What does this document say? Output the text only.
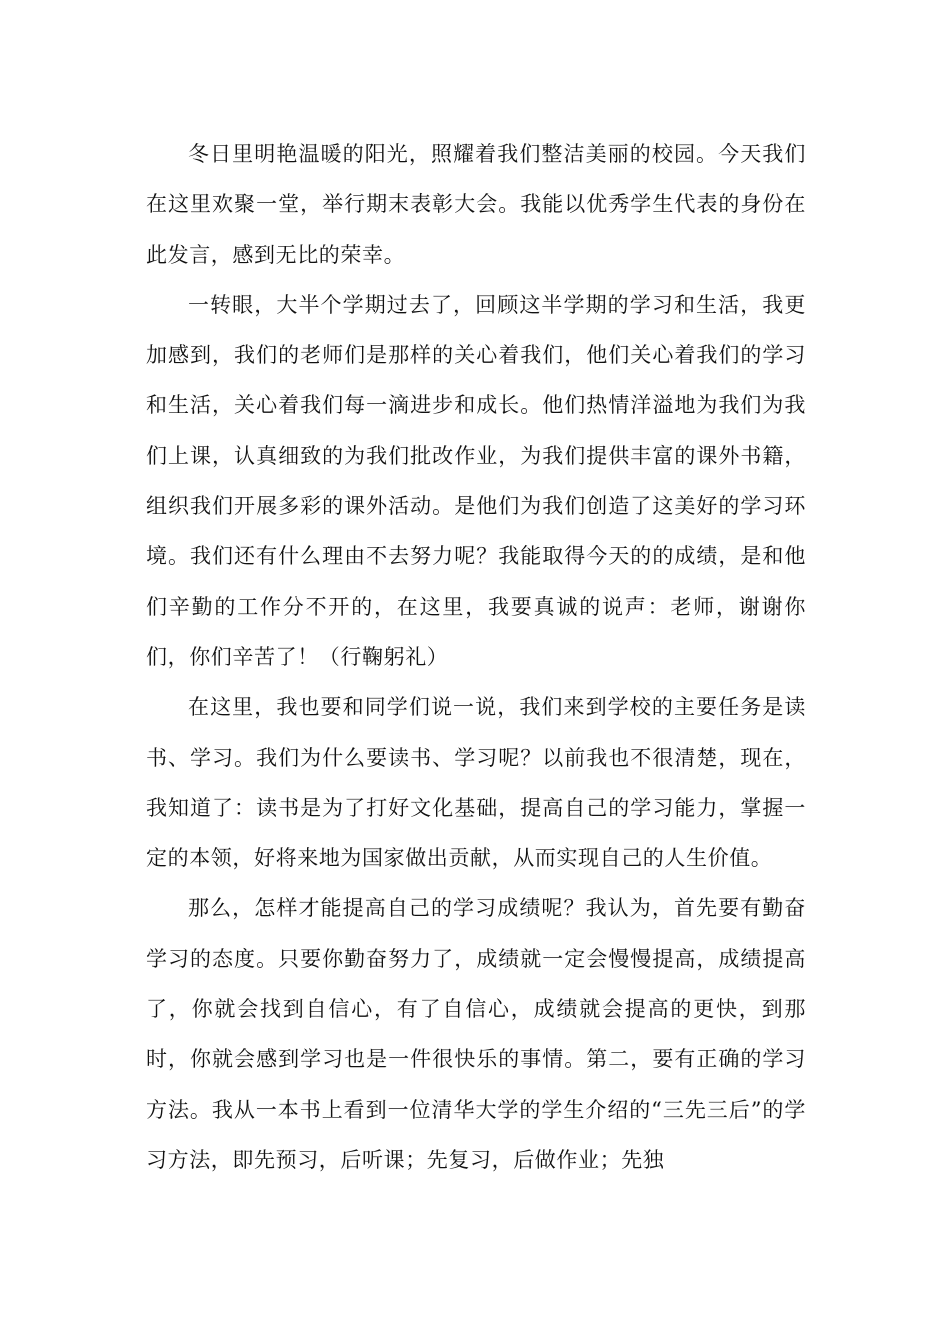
冬日里明艳温暖的阳光，照耀着我们整洁美丽的校园。今天我们在这里欢聚一堂，举行期末表彰大会。我能以优秀学生代表的身份在此发言，感到无比的荣幸。

一转眼，大半个学期过去了，回顾这半学期的学习和生活，我更加感到，我们的老师们是那样的关心着我们，他们关心着我们的学习和生活，关心着我们每一滴进步和成长。他们热情洋溢地为我们为我们上课，认真细致的为我们批改作业，为我们提供丰富的课外书籍，组织我们开展多彩的课外活动。是他们为我们创造了这美好的学习环境。我们还有什么理由不去努力呢？我能取得今天的的成绩，是和他们辛勤的工作分不开的，在这里，我要真诚的说声：老师，谢谢你们，你们辛苦了！（行鞠躬礼）

在这里，我也要和同学们说一说，我们来到学校的主要任务是读书、学习。我们为什么要读书、学习呢？以前我也不很清楚，现在，我知道了：读书是为了打好文化基础，提高自己的学习能力，掌握一定的本领，好将来地为国家做出贡献，从而实现自己的人生价值。

那么，怎样才能提高自己的学习成绩呢？我认为，首先要有勤奋学习的态度。只要你勤奋努力了，成绩就一定会慢慢提高，成绩提高了，你就会找到自信心，有了自信心，成绩就会提高的更快，到那时，你就会感到学习也是一件很快乐的事情。第二，要有正确的学习方法。我从一本书上看到一位清华大学的学生介绍的“三先三后”的学习方法，即先预习，后听课；先复习，后做作业；先独
